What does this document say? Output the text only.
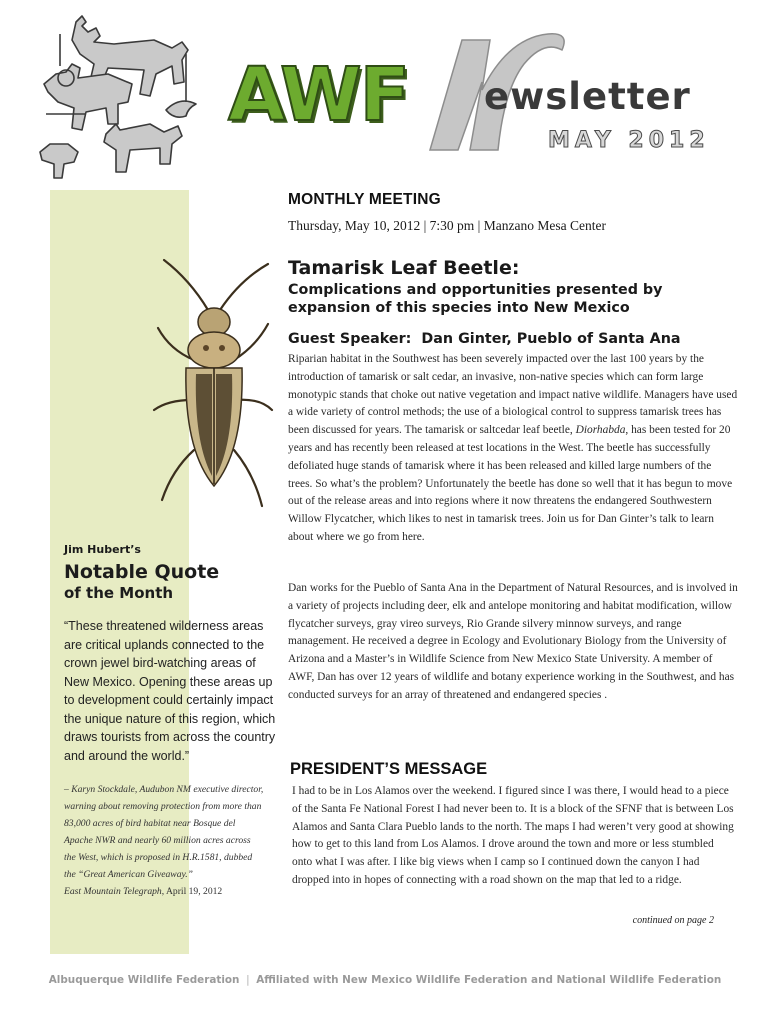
AWF ewsletter
MAY 2012

Jim Hubert’s

Notable Quote

of the Month

“These threatened wilderness areas are critical uplands connected to the crown jewel bird-watching areas of New Mexico. Opening these areas up to development could certainly impact the unique nature of this region, which draws tourists from across the country and around the world.”

– Karyn Stockdale, Audubon NM executive director, warning about removing protection from more than 83,000 acres of bird habitat near Bosque del Apache NWR and nearly 60 million acres across the West, which is proposed in H.R.1581, dubbed the “Great American Giveaway.”

East Mountain Telegraph, April 19, 2012

MONTHLY MEETING

Thursday, May 10, 2012 | 7:30 pm | Manzano Mesa Center

Tamarisk Leaf Beetle:

Complications and opportunities presented by expansion of this species into New Mexico

Guest Speaker: Dan Ginter, Pueblo of Santa Ana

Riparian habitat in the Southwest has been severely impacted over the last 100 years by the introduction of tamarisk or salt cedar, an invasive, non-native species which can form large monotypic stands that choke out native vegetation and impact native wildlife. Managers have used a wide variety of control methods; the use of a biological control to suppress tamarisk trees has been discussed for years. The tamarisk or saltcedar leaf beetle, Diorhabda, has been tested for 20 years and has recently been released at test locations in the West. The beetle has successfully defoliated huge stands of tamarisk where it has been released and killed large numbers of the trees. So what’s the problem? Unfortunately the beetle has done so well that it has begun to move out of the release areas and into regions where it now threatens the endangered Southwestern Willow Flycatcher, which likes to nest in tamarisk trees. Join us for Dan Ginter’s talk to learn about where we go from here.

Dan works for the Pueblo of Santa Ana in the Department of Natural Resources, and is involved in a variety of projects including deer, elk and antelope monitoring and habitat modification, willow flycatcher surveys, gray vireo surveys, Rio Grande silvery minnow surveys, and range management. He received a degree in Ecology and Evolutionary Biology from the University of Arizona and a Master’s in Wildlife Science from New Mexico State University. A member of AWF, Dan has over 12 years of wildlife and botany experience working in the Southwest, and has conducted surveys for an array of threatened and endangered species .

PRESIDENT’S MESSAGE

I had to be in Los Alamos over the weekend. I figured since I was there, I would head to a piece of the Santa Fe National Forest I had never been to. It is a block of the SFNF that is between Los Alamos and Santa Clara Pueblo lands to the north. The maps I had weren’t very good at showing how to get to this land from Los Alamos. I drove around the town and more or less stumbled onto what I was after. I like big views when I camp so I continued down the canyon I had dropped into in hopes of connecting with a road shown on the map that led to a ridge.

continued on page 2

Albuquerque Wildlife Federation | Affiliated with New Mexico Wildlife Federation and National Wildlife Federation
